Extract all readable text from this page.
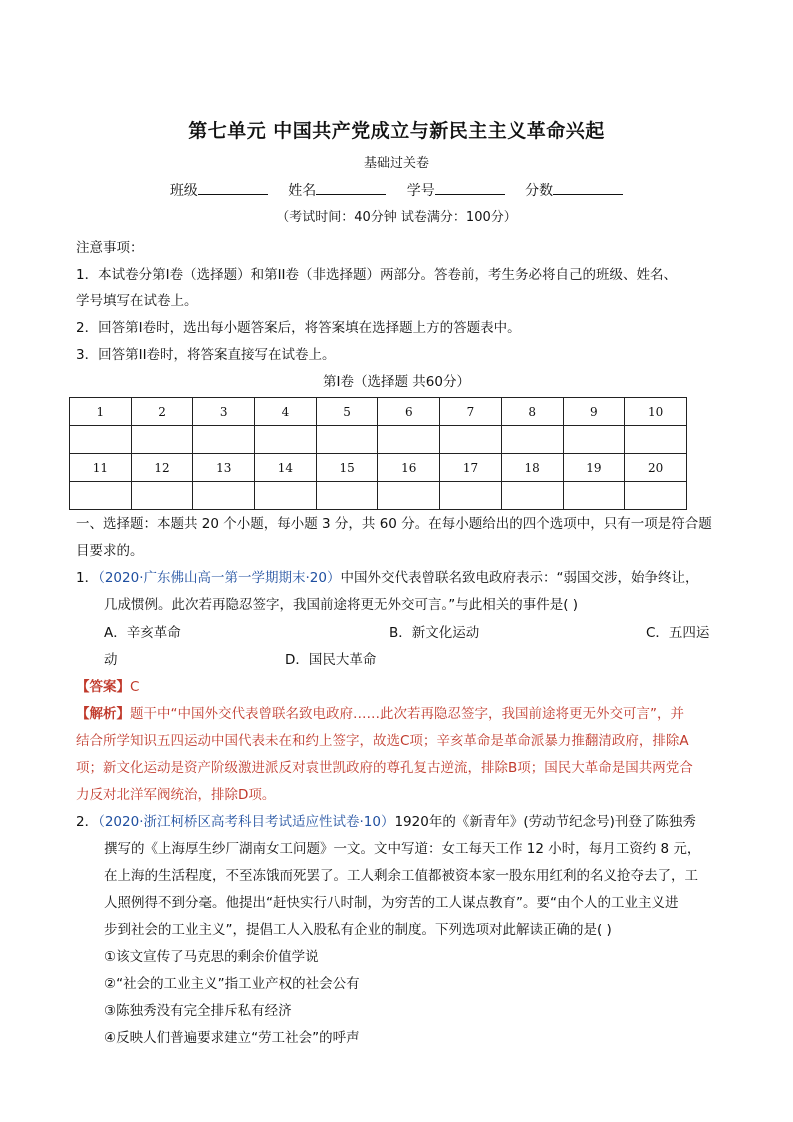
第七单元 中国共产党成立与新民主主义革命兴起
基础过关卷
班级	姓名	学号	分数
（考试时间：40分钟 试卷满分：100分）
注意事项：
1．本试卷分第Ⅰ卷（选择题）和第II卷（非选择题）两部分。答卷前，考生务必将自己的班级、姓名、
学号填写在试卷上。
2．回答第Ⅰ卷时，选出每小题答案后，将答案填在选择题上方的答题表中。
3．回答第II卷时，将答案直接写在试卷上。
第Ⅰ卷（选择题 共60分）
1	2	3	4	5	6	7	8	9	10

11	12	13	14	15	16	17	18	19	20

一、选择题：本题共 20 个小题，每小题 3 分，共 60 分。在每小题给出的四个选项中，只有一项是符合题
目要求的。
1．（2020·广东佛山高一第一学期期末·20）中国外交代表曾联名致电政府表示：“弱国交涉，始争终让，
几成惯例。此次若再隐忍签字，我国前途将更无外交可言。”与此相关的事件是( )
A．辛亥革命	B．新文化运动	C．五四运
动	D．国民大革命
【答案】C
【解析】题干中“中国外交代表曾联名致电政府……此次若再隐忍签字，我国前途将更无外交可言”，并
结合所学知识五四运动中国代表未在和约上签字，故选C项；辛亥革命是革命派暴力推翻清政府，排除A
项；新文化运动是资产阶级激进派反对袁世凯政府的尊孔复古逆流，排除B项；国民大革命是国共两党合
力反对北洋军阀统治，排除D项。
2．（2020·浙江柯桥区高考科目考试适应性试卷·10）1920年的《新青年》(劳动节纪念号)刊登了陈独秀
撰写的《上海厚生纱厂湖南女工问题》一文。文中写道：女工每天工作 12 小时，每月工资约 8 元，
在上海的生活程度，不至冻饿而死罢了。工人剩余工值都被资本家一股东用红利的名义抢夺去了，工
人照例得不到分毫。他提出“赶快实行八时制，为穷苦的工人谋点教育”。要“由个人的工业主义进
步到社会的工业主义”，提倡工人入股私有企业的制度。下列选项对此解读正确的是( )
①该文宣传了马克思的剩余价值学说
②“社会的工业主义”指工业产权的社会公有
③陈独秀没有完全排斥私有经济
④反映人们普遍要求建立“劳工社会”的呼声
